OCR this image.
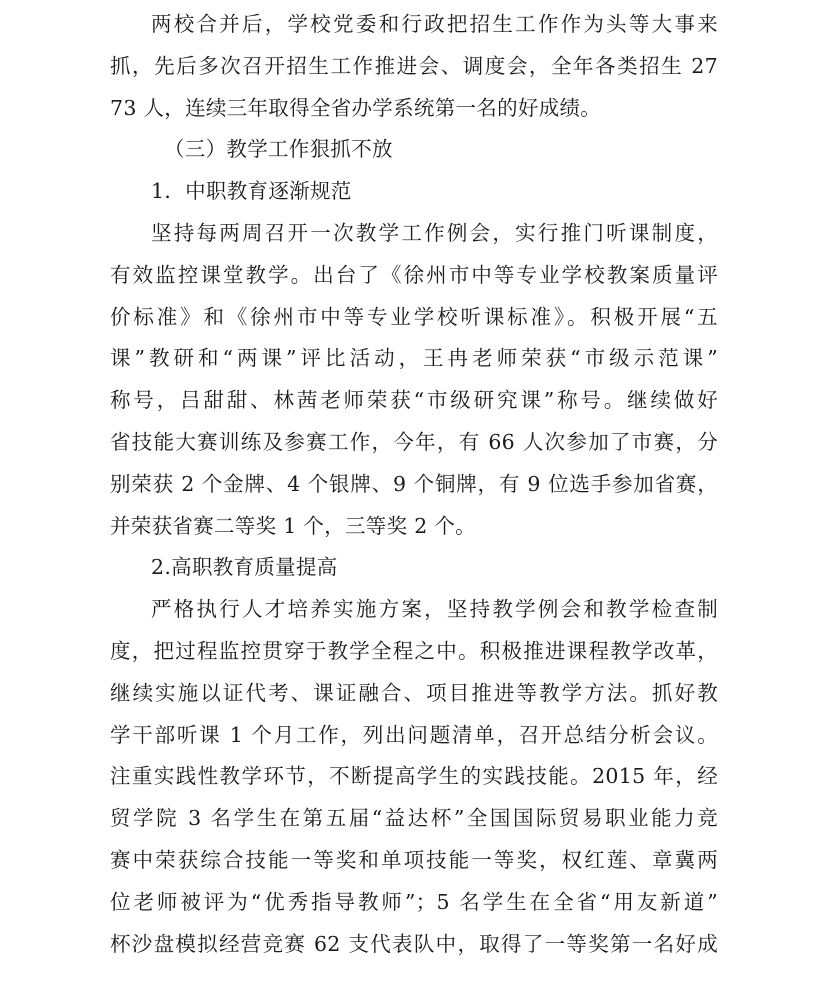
两校合并后，学校党委和行政把招生工作作为头等大事来
抓，先后多次召开招生工作推进会、调度会，全年各类招生 27
73 人，连续三年取得全省办学系统第一名的好成绩。
（三）教学工作狠抓不放
1．中职教育逐渐规范
坚持每两周召开一次教学工作例会，实行推门听课制度，
有效监控课堂教学。出台了《徐州市中等专业学校教案质量评
价标准》和《徐州市中等专业学校听课标准》。积极开展“五
课”教研和“两课”评比活动，王冉老师荣获“市级示范课”
称号，吕甜甜、林茜老师荣获“市级研究课”称号。继续做好
省技能大赛训练及参赛工作，今年，有 66 人次参加了市赛，分
别荣获 2 个金牌、4 个银牌、9 个铜牌，有 9 位选手参加省赛，
并荣获省赛二等奖 1 个，三等奖 2 个。
2.高职教育质量提高
严格执行人才培养实施方案，坚持教学例会和教学检查制
度，把过程监控贯穿于教学全程之中。积极推进课程教学改革，
继续实施以证代考、课证融合、项目推进等教学方法。抓好教
学干部听课 1 个月工作，列出问题清单，召开总结分析会议。
注重实践性教学环节，不断提高学生的实践技能。2015 年，经
贸学院 3 名学生在第五届“益达杯”全国国际贸易职业能力竞
赛中荣获综合技能一等奖和单项技能一等奖，权红莲、章冀两
位老师被评为“优秀指导教师”；5 名学生在全省“用友新道”
杯沙盘模拟经营竞赛 62 支代表队中，取得了一等奖第一名好成
